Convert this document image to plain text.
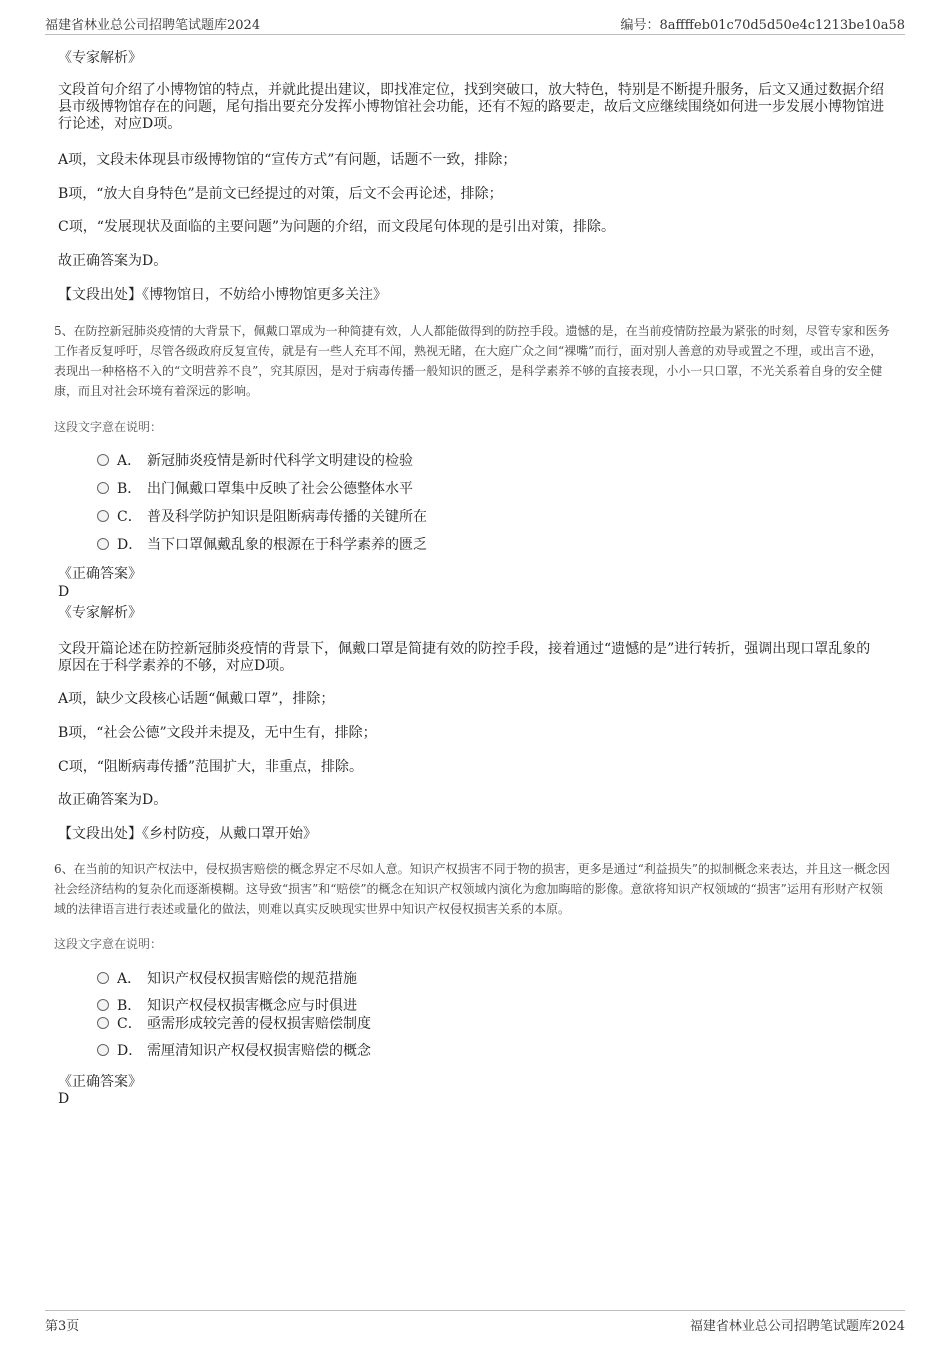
福建省林业总公司招聘笔试题库2024	编号：8affffeb01c70d5d50e4c1213be10a58
《专家解析》
文段首句介绍了小博物馆的特点，并就此提出建议，即找准定位，找到突破口，放大特色，特别是不断提升服务，后文又通过数据介绍县市级博物馆存在的问题，尾句指出要充分发挥小博物馆社会功能，还有不短的路要走，故后文应继续围绕如何进一步发展小博物馆进行论述，对应D项。
A项，文段未体现县市级博物馆的“宣传方式”有问题，话题不一致，排除；
B项，“放大自身特色”是前文已经提过的对策，后文不会再论述，排除；
C项，“发展现状及面临的主要问题”为问题的介绍，而文段尾句体现的是引出对策，排除。
故正确答案为D。
【文段出处】《博物馆日，不妨给小博物馆更多关注》
5、在防控新冠肺炎疫情的大背景下，佩戴口罩成为一种简捷有效，人人都能做得到的防控手段。遗憾的是，在当前疫情防控最为紧张的时刻，尽管专家和医务工作者反复呼吁，尽管各级政府反复宣传，就是有一些人充耳不闻，熟视无睹，在大庭广众之间“裸嘴”而行，面对别人善意的劝导或置之不理，或出言不逊，表现出一种格格不入的“文明营养不良”，究其原因，是对于病毒传播一般知识的匮乏，是科学素养不够的直接表现，小小一只口罩，不光关系着自身的安全健康，而且对社会环境有着深远的影响。
这段文字意在说明：
A． 新冠肺炎疫情是新时代科学文明建设的检验
B． 出门佩戴口罩集中反映了社会公德整体水平
C． 普及科学防护知识是阻断病毒传播的关键所在
D． 当下口罩佩戴乱象的根源在于科学素养的匮乏
《正确答案》
D
《专家解析》
文段开篇论述在防控新冠肺炎疫情的背景下，佩戴口罩是简捷有效的防控手段，接着通过“遗憾的是”进行转折，强调出现口罩乱象的原因在于科学素养的不够，对应D项。
A项，缺少文段核心话题“佩戴口罩”，排除；
B项，“社会公德”文段并未提及，无中生有，排除；
C项，“阻断病毒传播”范围扩大，非重点，排除。
故正确答案为D。
【文段出处】《乡村防疫，从戴口罩开始》
6、在当前的知识产权法中，侵权损害赔偿的概念界定不尽如人意。知识产权损害不同于物的损害，更多是通过“利益损失”的拟制概念来表达，并且这一概念因社会经济结构的复杂化而逐渐模糊。这导致“损害”和“赔偿”的概念在知识产权领域内演化为愈加晦暗的影像。意欲将知识产权领域的“损害”运用有形财产权领域的法律语言进行表述或量化的做法，则难以真实反映现实世界中知识产权侵权损害关系的本原。
这段文字意在说明：
A． 知识产权侵权损害赔偿的规范措施
B． 知识产权侵权损害概念应与时俱进
C． 亟需形成较完善的侵权损害赔偿制度
D． 需厘清知识产权侵权损害赔偿的概念
《正确答案》
D
第3页	福建省林业总公司招聘笔试题库2024
